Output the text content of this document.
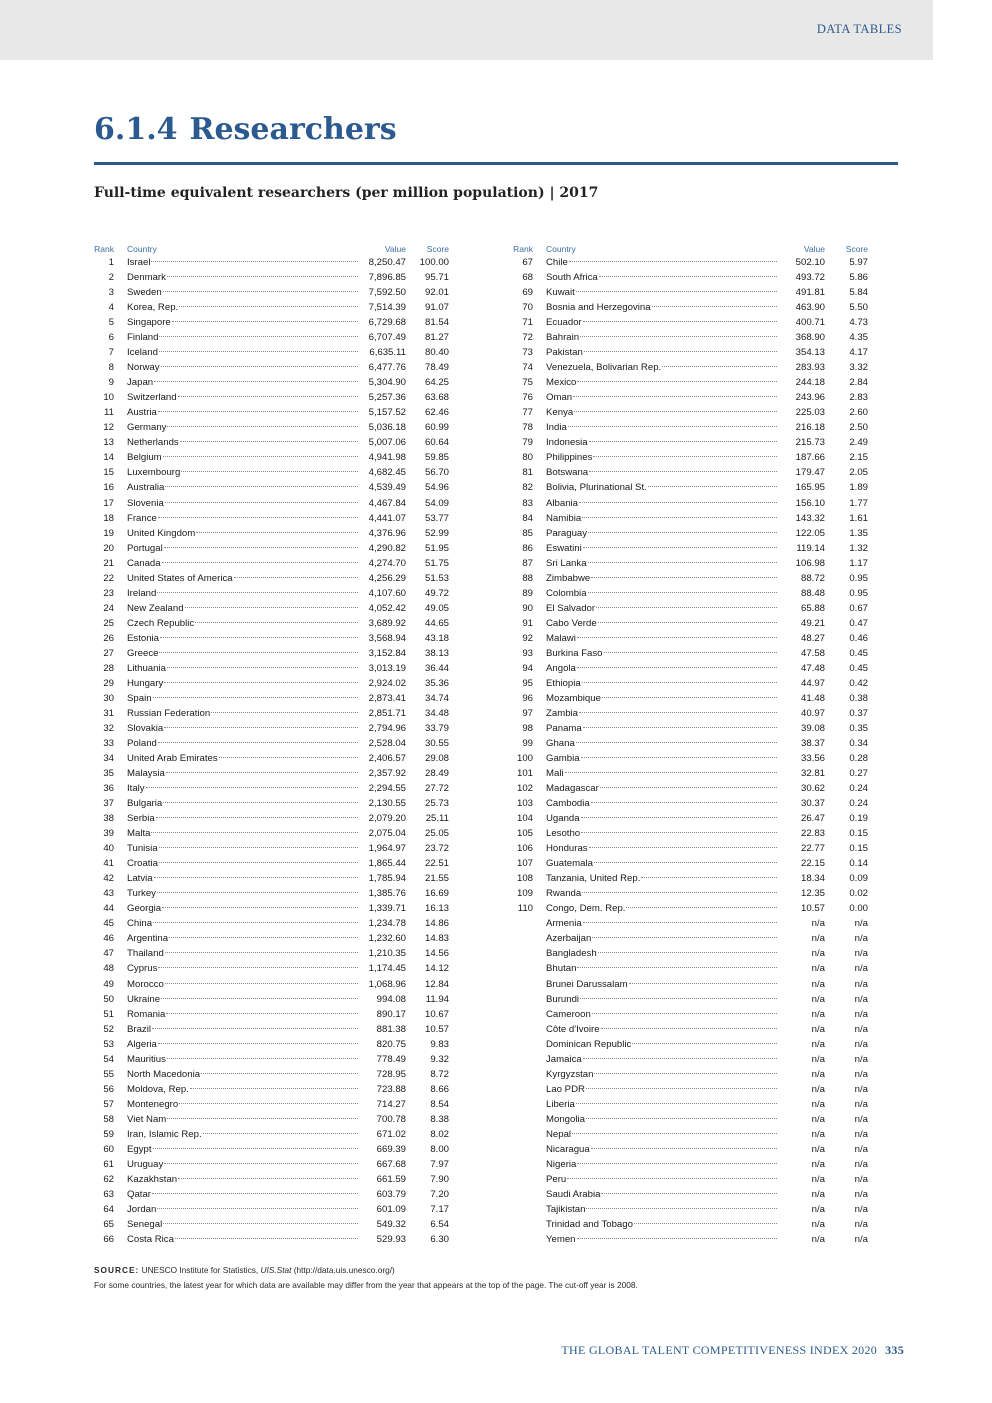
DATA TABLES
6.1.4 Researchers
Full-time equivalent researchers (per million population) | 2017
Rank Country	Value	Score
1 Israel	8,250.47	100.00
2 Denmark	7,896.85	95.71
3 Sweden	7,592.50	92.01
4 Korea, Rep.	7,514.39	91.07
5 Singapore	6,729.68	81.54
6 Finland	6,707.49	81.27
7 Iceland	6,635.11	80.40
8 Norway	6,477.76	78.49
9 Japan	5,304.90	64.25
10 Switzerland	5,257.36	63.68
11 Austria	5,157.52	62.46
12 Germany	5,036.18	60.99
13 Netherlands	5,007.06	60.64
14 Belgium	4,941.98	59.85
15 Luxembourg	4,682.45	56.70
16 Australia	4,539.49	54.96
17 Slovenia	4,467.84	54.09
18 France	4,441.07	53.77
19 United Kingdom	4,376.96	52.99
20 Portugal	4,290.82	51.95
21 Canada	4,274.70	51.75
22 United States of America	4,256.29	51.53
23 Ireland	4,107.60	49.72
24 New Zealand	4,052.42	49.05
25 Czech Republic	3,689.92	44.65
26 Estonia	3,568.94	43.18
27 Greece	3,152.84	38.13
28 Lithuania	3,013.19	36.44
29 Hungary	2,924.02	35.36
30 Spain	2,873.41	34.74
31 Russian Federation	2,851.71	34.48
32 Slovakia	2,794.96	33.79
33 Poland	2,528.04	30.55
34 United Arab Emirates	2,406.57	29.08
35 Malaysia	2,357.92	28.49
36 Italy	2,294.55	27.72
37 Bulgaria	2,130.55	25.73
38 Serbia	2,079.20	25.11
39 Malta	2,075.04	25.05
40 Tunisia	1,964.97	23.72
41 Croatia	1,865.44	22.51
42 Latvia	1,785.94	21.55
43 Turkey	1,385.76	16.69
44 Georgia	1,339.71	16.13
45 China	1,234.78	14.86
46 Argentina	1,232.60	14.83
47 Thailand	1,210.35	14.56
48 Cyprus	1,174.45	14.12
49 Morocco	1,068.96	12.84
50 Ukraine	994.08	11.94
51 Romania	890.17	10.67
52 Brazil	881.38	10.57
53 Algeria	820.75	9.83
54 Mauritius	778.49	9.32
55 North Macedonia	728.95	8.72
56 Moldova, Rep.	723.88	8.66
57 Montenegro	714.27	8.54
58 Viet Nam	700.78	8.38
59 Iran, Islamic Rep.	671.02	8.02
60 Egypt	669.39	8.00
61 Uruguay	667.68	7.97
62 Kazakhstan	661.59	7.90
63 Qatar	603.79	7.20
64 Jordan	601.09	7.17
65 Senegal	549.32	6.54
66 Costa Rica	529.93	6.30
Rank Country	Value	Score
67 Chile	502.10	5.97
68 South Africa	493.72	5.86
69 Kuwait	491.81	5.84
70 Bosnia and Herzegovina	463.90	5.50
71 Ecuador	400.71	4.73
72 Bahrain	368.90	4.35
73 Pakistan	354.13	4.17
74 Venezuela, Bolivarian Rep.	283.93	3.32
75 Mexico	244.18	2.84
76 Oman	243.96	2.83
77 Kenya	225.03	2.60
78 India	216.18	2.50
79 Indonesia	215.73	2.49
80 Philippines	187.66	2.15
81 Botswana	179.47	2.05
82 Bolivia, Plurinational St.	165.95	1.89
83 Albania	156.10	1.77
84 Namibia	143.32	1.61
85 Paraguay	122.05	1.35
86 Eswatini	119.14	1.32
87 Sri Lanka	106.98	1.17
88 Zimbabwe	88.72	0.95
89 Colombia	88.48	0.95
90 El Salvador	65.88	0.67
91 Cabo Verde	49.21	0.47
92 Malawi	48.27	0.46
93 Burkina Faso	47.58	0.45
94 Angola	47.48	0.45
95 Ethiopia	44.97	0.42
96 Mozambique	41.48	0.38
97 Zambia	40.97	0.37
98 Panama	39.08	0.35
99 Ghana	38.37	0.34
100 Gambia	33.56	0.28
101 Mali	32.81	0.27
102 Madagascar	30.62	0.24
103 Cambodia	30.37	0.24
104 Uganda	26.47	0.19
105 Lesotho	22.83	0.15
106 Honduras	22.77	0.15
107 Guatemala	22.15	0.14
108 Tanzania, United Rep.	18.34	0.09
109 Rwanda	12.35	0.02
110 Congo, Dem. Rep.	10.57	0.00
Armenia	n/a	n/a
Azerbaijan	n/a	n/a
Bangladesh	n/a	n/a
Bhutan	n/a	n/a
Brunei Darussalam	n/a	n/a
Burundi	n/a	n/a
Cameroon	n/a	n/a
Côte d'Ivoire	n/a	n/a
Dominican Republic	n/a	n/a
Jamaica	n/a	n/a
Kyrgyzstan	n/a	n/a
Lao PDR	n/a	n/a
Liberia	n/a	n/a
Mongolia	n/a	n/a
Nepal	n/a	n/a
Nicaragua	n/a	n/a
Nigeria	n/a	n/a
Peru	n/a	n/a
Saudi Arabia	n/a	n/a
Tajikistan	n/a	n/a
Trinidad and Tobago	n/a	n/a
Yemen	n/a	n/a
SOURCE: UNESCO Institute for Statistics, UIS.Stat (http://data.uis.unesco.org/)
For some countries, the latest year for which data are available may differ from the year that appears at the top of the page. The cut-off year is 2008.
THE GLOBAL TALENT COMPETITIVENESS INDEX 2020 335
